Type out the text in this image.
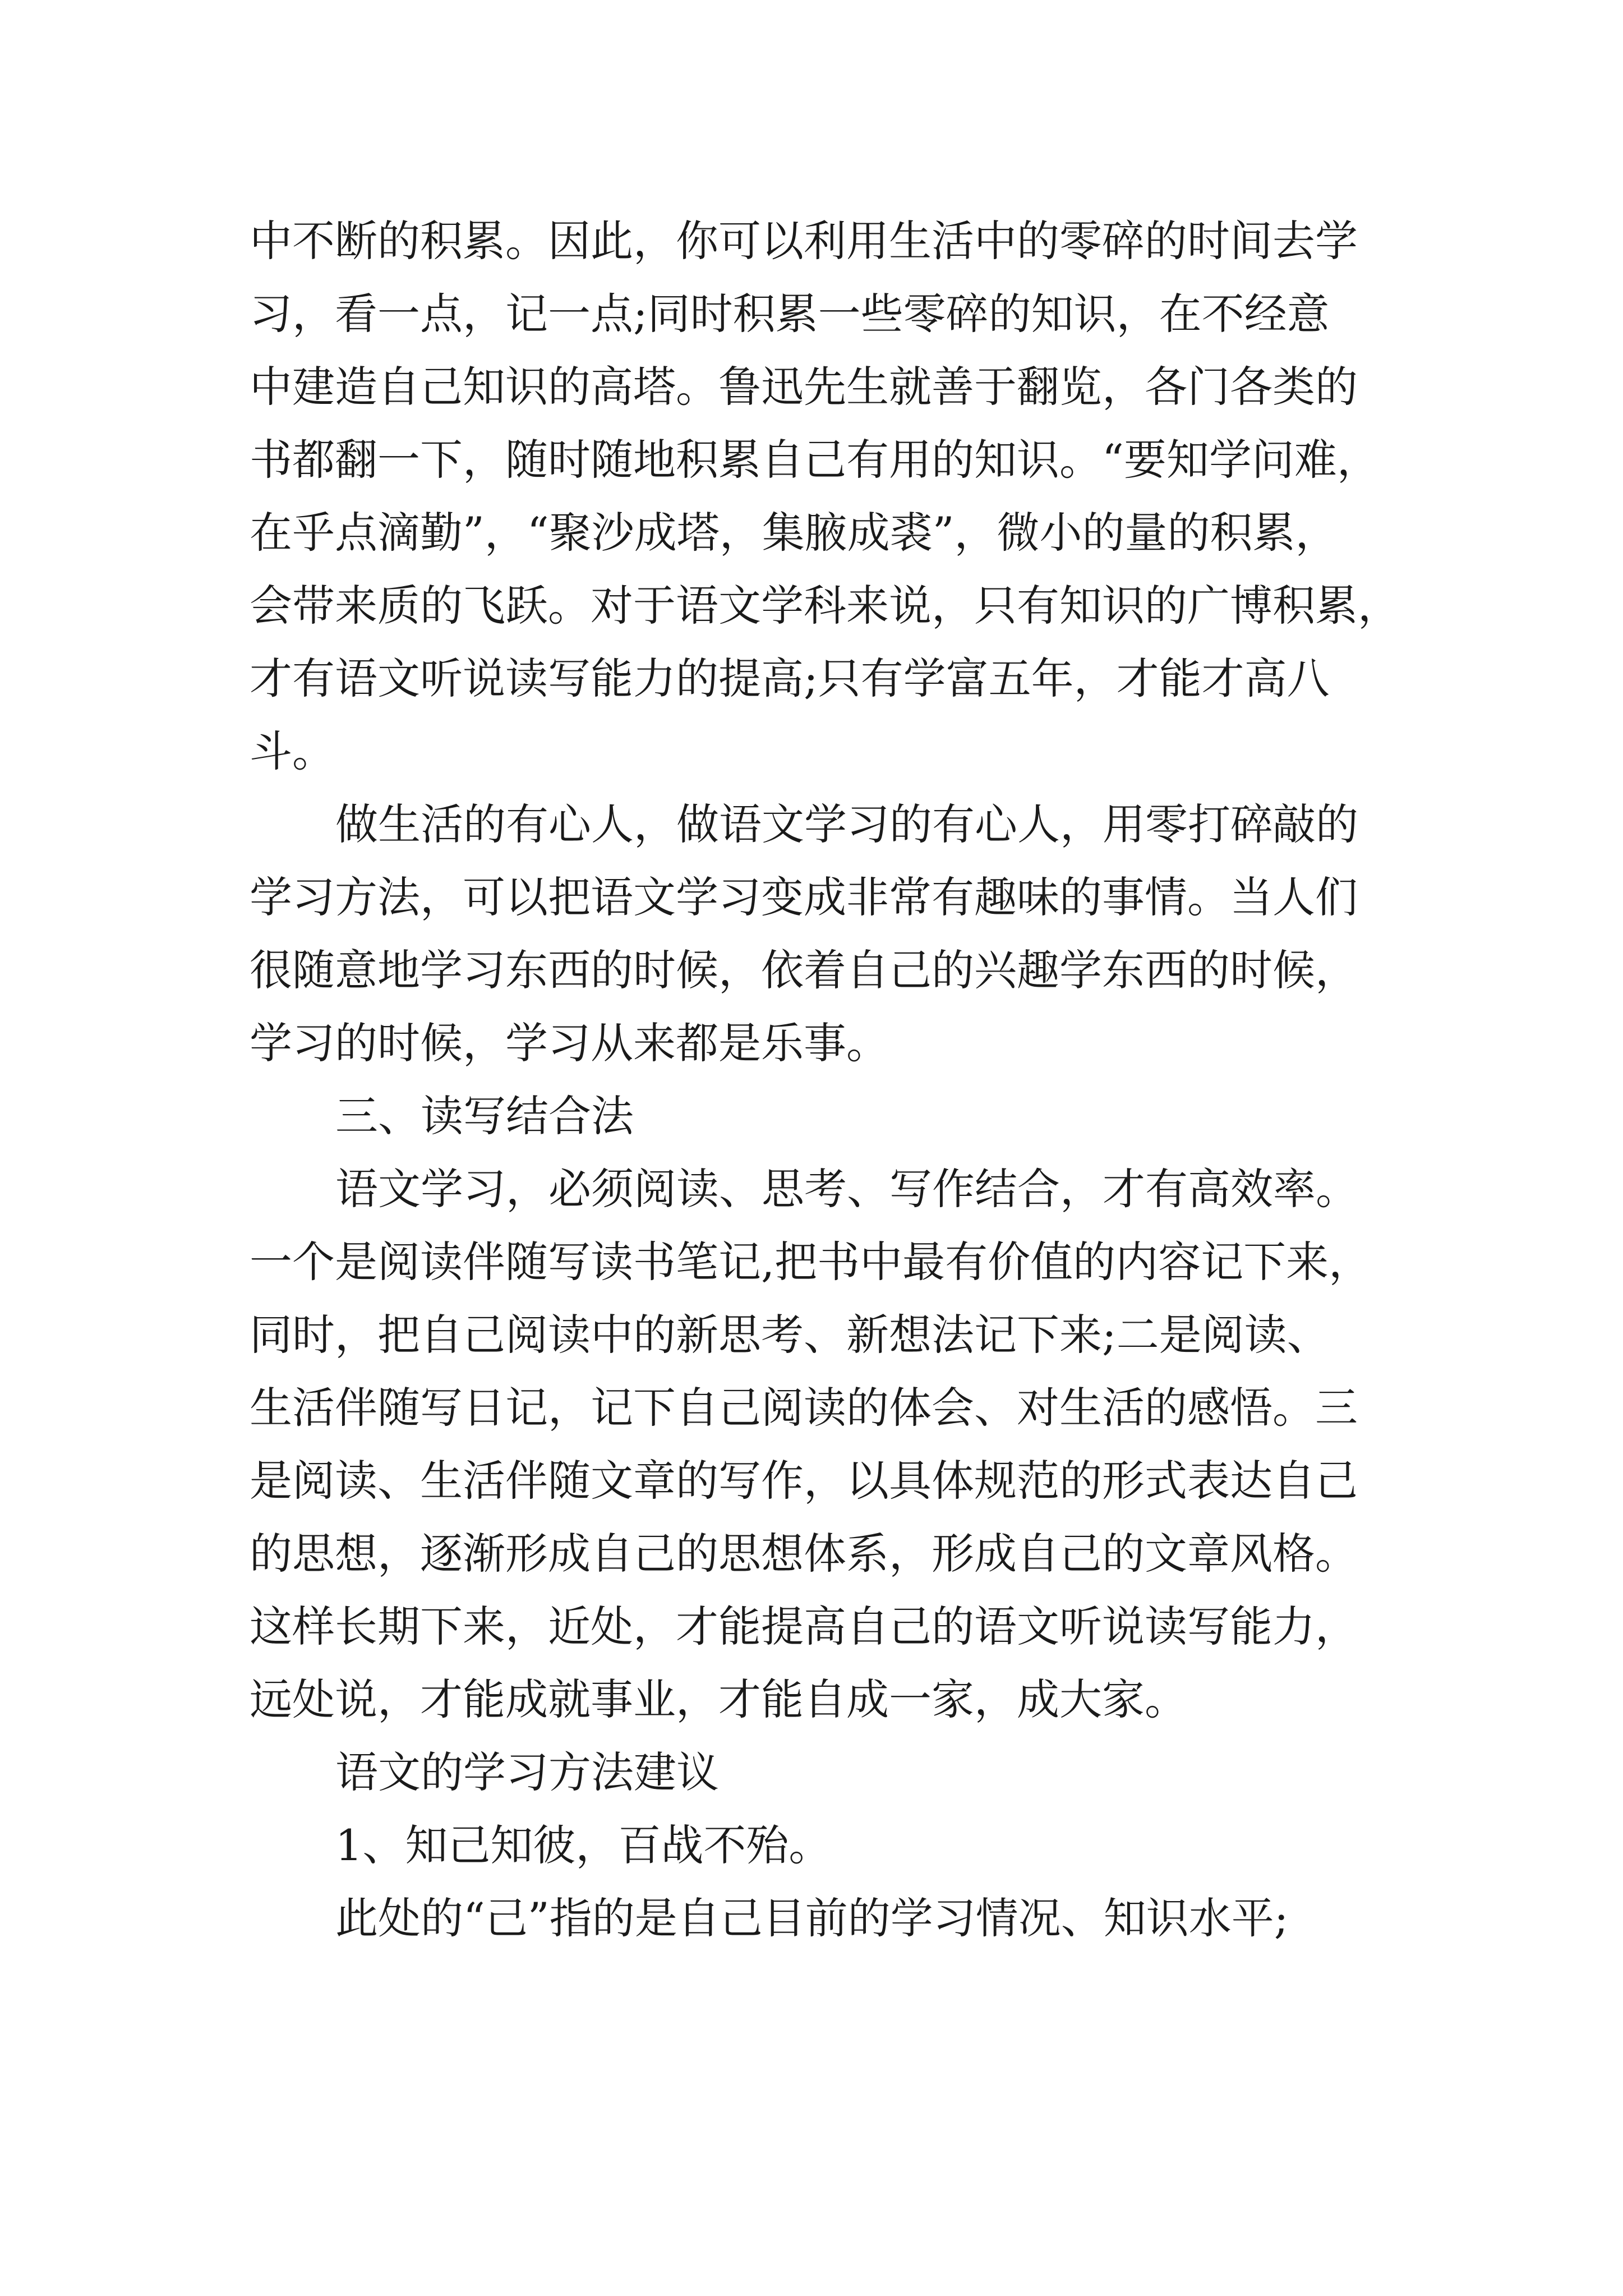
中不断的积累。因此，你可以利用生活中的零碎的时间去学
习，看一点，记一点;同时积累一些零碎的知识，在不经意
中建造自己知识的高塔。鲁迅先生就善于翻览，各门各类的
书都翻一下，随时随地积累自己有用的知识。“要知学问难，
在乎点滴勤”，“聚沙成塔，集腋成裘”，微小的量的积累，
会带来质的飞跃。对于语文学科来说，只有知识的广博积累，
才有语文听说读写能力的提高;只有学富五年，才能才高八
斗。
做生活的有心人，做语文学习的有心人，用零打碎敲的
学习方法，可以把语文学习变成非常有趣味的事情。当人们
很随意地学习东西的时候，依着自己的兴趣学东西的时候，
学习的时候，学习从来都是乐事。
三、读写结合法
语文学习，必须阅读、思考、写作结合，才有高效率。
一个是阅读伴随写读书笔记,把书中最有价值的内容记下来，
同时，把自己阅读中的新思考、新想法记下来;二是阅读、
生活伴随写日记，记下自己阅读的体会、对生活的感悟。三
是阅读、生活伴随文章的写作，以具体规范的形式表达自己
的思想，逐渐形成自己的思想体系，形成自己的文章风格。
这样长期下来，近处，才能提高自己的语文听说读写能力，
远处说，才能成就事业，才能自成一家，成大家。
语文的学习方法建议
1、知己知彼，百战不殆。
此处的“己”指的是自己目前的学习情况、知识水平;
